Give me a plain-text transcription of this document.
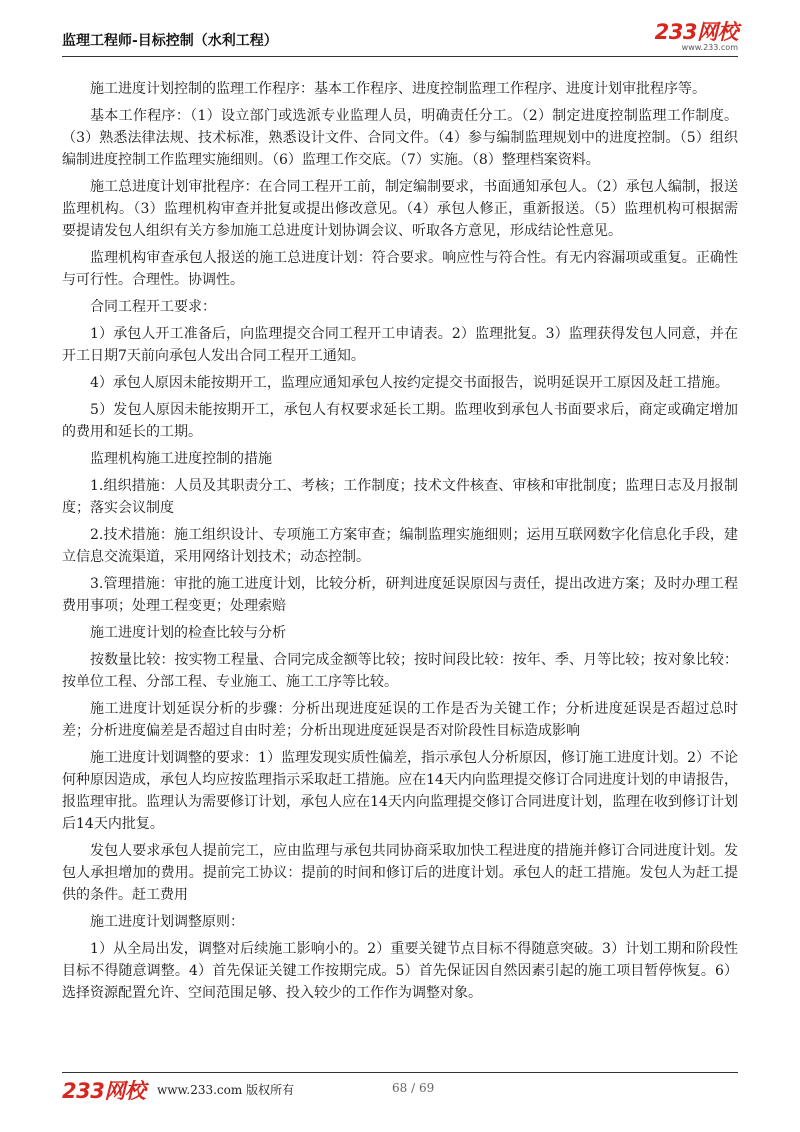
监理工程师-目标控制（水利工程）	233网校
www.233.com

施工进度计划控制的监理工作程序：基本工作程序、进度控制监理工作程序、进度计划审批程序等。

基本工作程序：（1）设立部门或选派专业监理人员，明确责任分工。（2）制定进度控制监理工作制度。（3）熟悉法律法规、技术标准，熟悉设计文件、合同文件。（4）参与编制监理规划中的进度控制。（5）组织编制进度控制工作监理实施细则。（6）监理工作交底。（7）实施。（8）整理档案资料。

施工总进度计划审批程序：在合同工程开工前，制定编制要求，书面通知承包人。（2）承包人编制，报送监理机构。（3）监理机构审查并批复或提出修改意见。（4）承包人修正，重新报送。（5）监理机构可根据需要提请发包人组织有关方参加施工总进度计划协调会议、听取各方意见，形成结论性意见。

监理机构审查承包人报送的施工总进度计划：符合要求。响应性与符合性。有无内容漏项或重复。正确性与可行性。合理性。协调性。

合同工程开工要求：

1）承包人开工准备后，向监理提交合同工程开工申请表。2）监理批复。3）监理获得发包人同意，并在开工日期7天前向承包人发出合同工程开工通知。

4）承包人原因未能按期开工，监理应通知承包人按约定提交书面报告，说明延误开工原因及赶工措施。

5）发包人原因未能按期开工，承包人有权要求延长工期。监理收到承包人书面要求后，商定或确定增加的费用和延长的工期。

监理机构施工进度控制的措施

1.组织措施：人员及其职责分工、考核；工作制度；技术文件核查、审核和审批制度；监理日志及月报制度；落实会议制度

2.技术措施：施工组织设计、专项施工方案审查；编制监理实施细则；运用互联网数字化信息化手段，建立信息交流渠道，采用网络计划技术；动态控制。

3.管理措施：审批的施工进度计划，比较分析，研判进度延误原因与责任，提出改进方案；及时办理工程费用事项；处理工程变更；处理索赔

施工进度计划的检查比较与分析

按数量比较：按实物工程量、合同完成金额等比较；按时间段比较：按年、季、月等比较；按对象比较：按单位工程、分部工程、专业施工、施工工序等比较。

施工进度计划延误分析的步骤：分析出现进度延误的工作是否为关键工作；分析进度延误是否超过总时差；分析进度偏差是否超过自由时差；分析出现进度延误是否对阶段性目标造成影响

施工进度计划调整的要求：1）监理发现实质性偏差，指示承包人分析原因，修订施工进度计划。2）不论何种原因造成，承包人均应按监理指示采取赶工措施。应在14天内向监理提交修订合同进度计划的申请报告，报监理审批。监理认为需要修订计划，承包人应在14天内向监理提交修订合同进度计划，监理在收到修订计划后14天内批复。

发包人要求承包人提前完工，应由监理与承包共同协商采取加快工程进度的措施并修订合同进度计划。发包人承担增加的费用。提前完工协议：提前的时间和修订后的进度计划。承包人的赶工措施。发包人为赶工提供的条件。赶工费用

施工进度计划调整原则：

1）从全局出发，调整对后续施工影响小的。2）重要关键节点目标不得随意突破。3）计划工期和阶段性目标不得随意调整。4）首先保证关键工作按期完成。5）首先保证因自然因素引起的施工项目暂停恢复。6）选择资源配置允许、空间范围足够、投入较少的工作作为调整对象。

233网校 www.233.com 版权所有	68 / 69
